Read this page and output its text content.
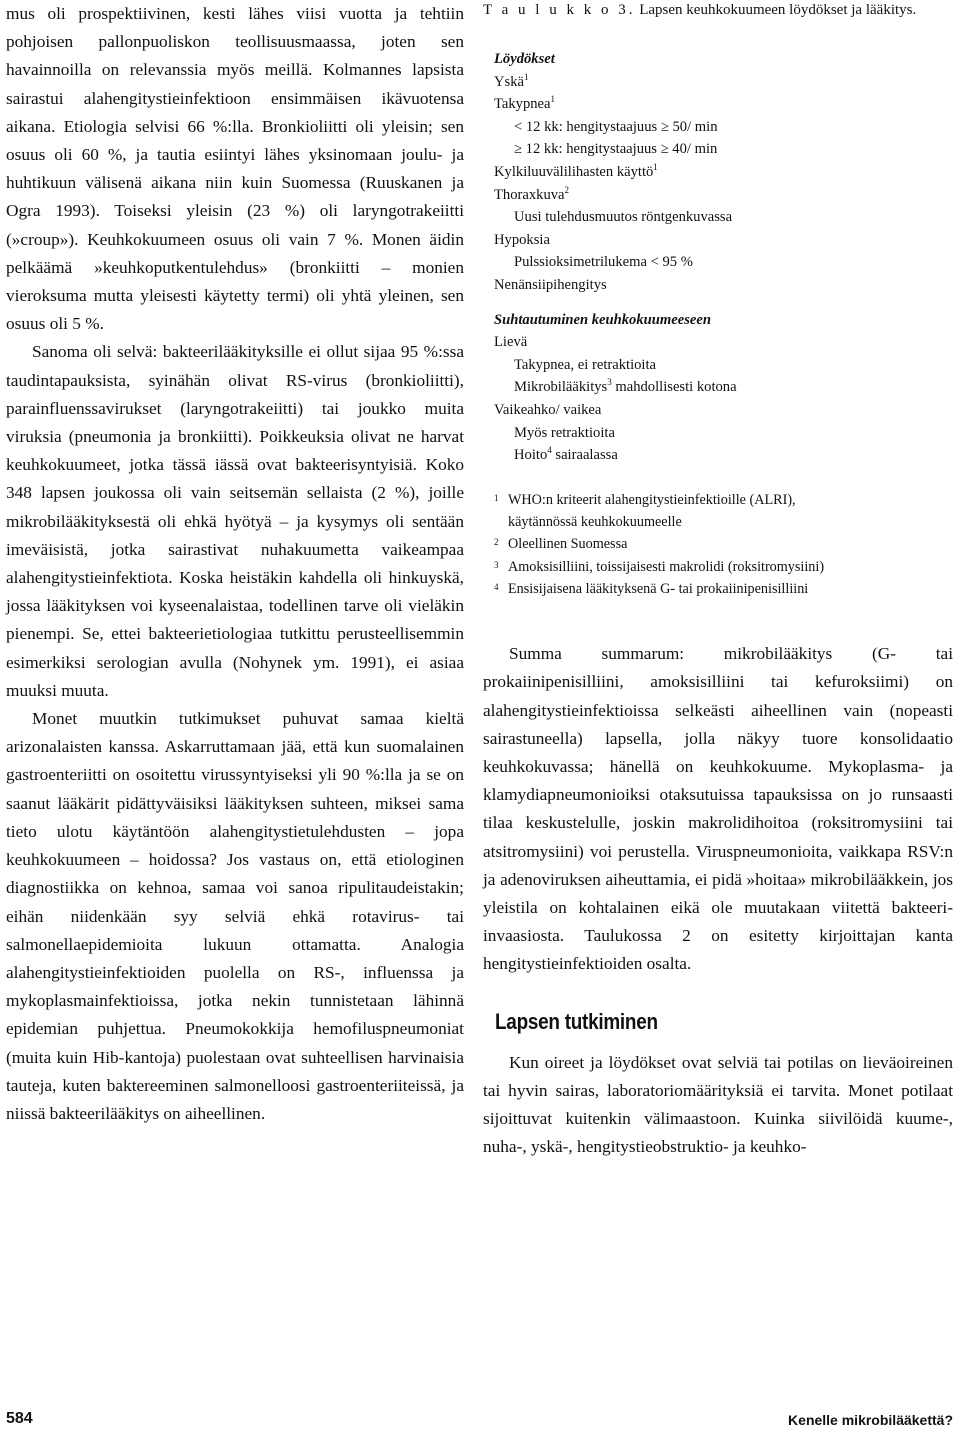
mus oli prospektiivinen, kesti lähes viisi vuotta ja tehtiin pohjoisen pallonpuoliskon teollisuusmaassa, joten sen havainnoilla on relevanssia myös meillä. Kolmannes lapsista sairastui alahengitystieinfektioon ensimmäisen ikävuotensa aikana. Etiologia selvisi 66 %:lla. Bronkioliitti oli yleisin; sen osuus oli 60 %, ja tautia esiintyi lähes yksinomaan joulu- ja huhtikuun välisenä aikana niin kuin Suomessa (Ruuskanen ja Ogra 1993). Toiseksi yleisin (23 %) oli laryngotrakeiitti (»croup»). Keuhkokuumeen osuus oli vain 7 %. Monen äidin pelkäämä »keuhkoputkentulehdus» (bronkiitti – monien vieroksuma mutta yleisesti käytetty termi) oli yhtä yleinen, sen osuus oli 5 %.

Sanoma oli selvä: bakteerilääkityksille ei ollut sijaa 95 %:ssa taudintapauksista, syinähän olivat RS-virus (bronkioliitti), parainfluenssavirukset (laryngotrakeiitti) tai joukko muita viruksia (pneumonia ja bronkiitti). Poikkeuksia olivat ne harvat keuhkokuumeet, jotka tässä iässä ovat bakteerisyntyisiä. Koko 348 lapsen joukossa oli vain seitsemän sellaista (2 %), joille mikrobilääkityksestä oli ehkä hyötyä – ja kysymys oli sentään imeväisistä, jotka sairastivat nuhakuumetta vaikeampaa alahengitystieinfektiota. Koska heistäkin kahdella oli hinkuyskä, jossa lääkityksen voi kyseenalaistaa, todellinen tarve oli vieläkin pienempi. Se, ettei bakteerietiologiaa tutkittu perusteellisemmin esimerkiksi serologian avulla (Nohynek ym. 1991), ei asiaa muuksi muuta.

Monet muutkin tutkimukset puhuvat samaa kieltä arizonalaisten kanssa. Askarruttamaan jää, että kun suomalainen gastroenteriitti on osoitettu virussyntyiseksi yli 90 %:lla ja se on saanut lääkärit pidättyväisiksi lääkityksen suhteen, miksei sama tieto ulotu käytäntöön alahengitystietulehdusten – jopa keuhkokuumeen – hoidossa? Jos vastaus on, että etiologinen diagnostiikka on kehnoa, samaa voi sanoa ripulitaudeistakin; eihän niidenkään syy selviä ehkä rotavirus- tai salmonellaepidemioita lukuun ottamatta. Analogia alahengitystieinfektioiden puolella on RS-, influenssa ja mykoplasmainfektioissa, jotka nekin tunnistetaan lähinnä epidemian puhjettua. Pneumokokkija hemofiluspneumoniat (muita kuin Hib-kantoja) puolestaan ovat suhteellisen harvinaisia tauteja, kuten baktereeminen salmonelloosi gastroenteriiteissä, ja niissä bakteerilääkitys on aiheellinen.

T a u l u k k o 3. Lapsen keuhkokuumeen löydökset ja lääkitys.

Löydökset

Yskä$^1$

Takypnea$^1$

< 12 kk: hengitystaajuus ≥ 50/ min

≥ 12 kk: hengitystaajuus ≥ 40/ min

Kylkiluuvälilihasten käyttö$^1$

Thoraxkuva$^2$

Uusi tulehdusmuutos röntgenkuvassa

Hypoksia

Pulssioksimetrilukema < 95 %

Nenänsiipihengitys

Suhtautuminen keuhkokuumeeseen

Lievä

Takypnea, ei retraktioita

Mikrobilääkitys$^3$ mahdollisesti kotona

Vaikeahko/ vaikea

Myös retraktioita

Hoito$^4$ sairaalassa

1 WHO:n kriteerit alahengitystieinfektioille (ALRI),
käytännössä keuhkokuumeelle
2 Oleellinen Suomessa
3 Amoksisilliini, toissijaisesti makrolidi (roksitromysiini)
4 Ensisijaisena lääkityksenä G- tai prokaiinipenisilliini

Summa summarum: mikrobilääkitys (G- tai prokaiinipenisilliini, amoksisilliini tai kefuroksiimi) on alahengitystieinfektioissa selkeästi aiheellinen vain (nopeasti sairastuneella) lapsella, jolla näkyy tuore konsolidaatio keuhkokuvassa; hänellä on keuhkokuume. Mykoplasma- ja klamydiapneumonioiksi otaksutuissa tapauksissa on jo runsaasti tilaa keskustelulle, joskin makrolidihoitoa (roksitromysiini tai atsitromysiini) voi perustella. Viruspneumonioita, vaikkapa RSV:n ja adenoviruksen aiheuttamia, ei pidä »hoitaa» mikrobilääkkein, jos yleistila on kohtalainen eikä ole muutakaan viitettä bakteeri-invaasiosta. Taulukossa 2 on esitetty kirjoittajan kanta hengitystieinfektioiden osalta.

Lapsen tutkiminen

Kun oireet ja löydökset ovat selviä tai potilas on lieväoireinen tai hyvin sairas, laboratoriomäärityksiä ei tarvita. Monet potilaat sijoittuvat kuitenkin välimaastoon. Kuinka siivilöidä kuume-, nuha-, yskä-, hengitystieobstruktio- ja keuhko-

584	Kenelle mikrobilääkettä?
